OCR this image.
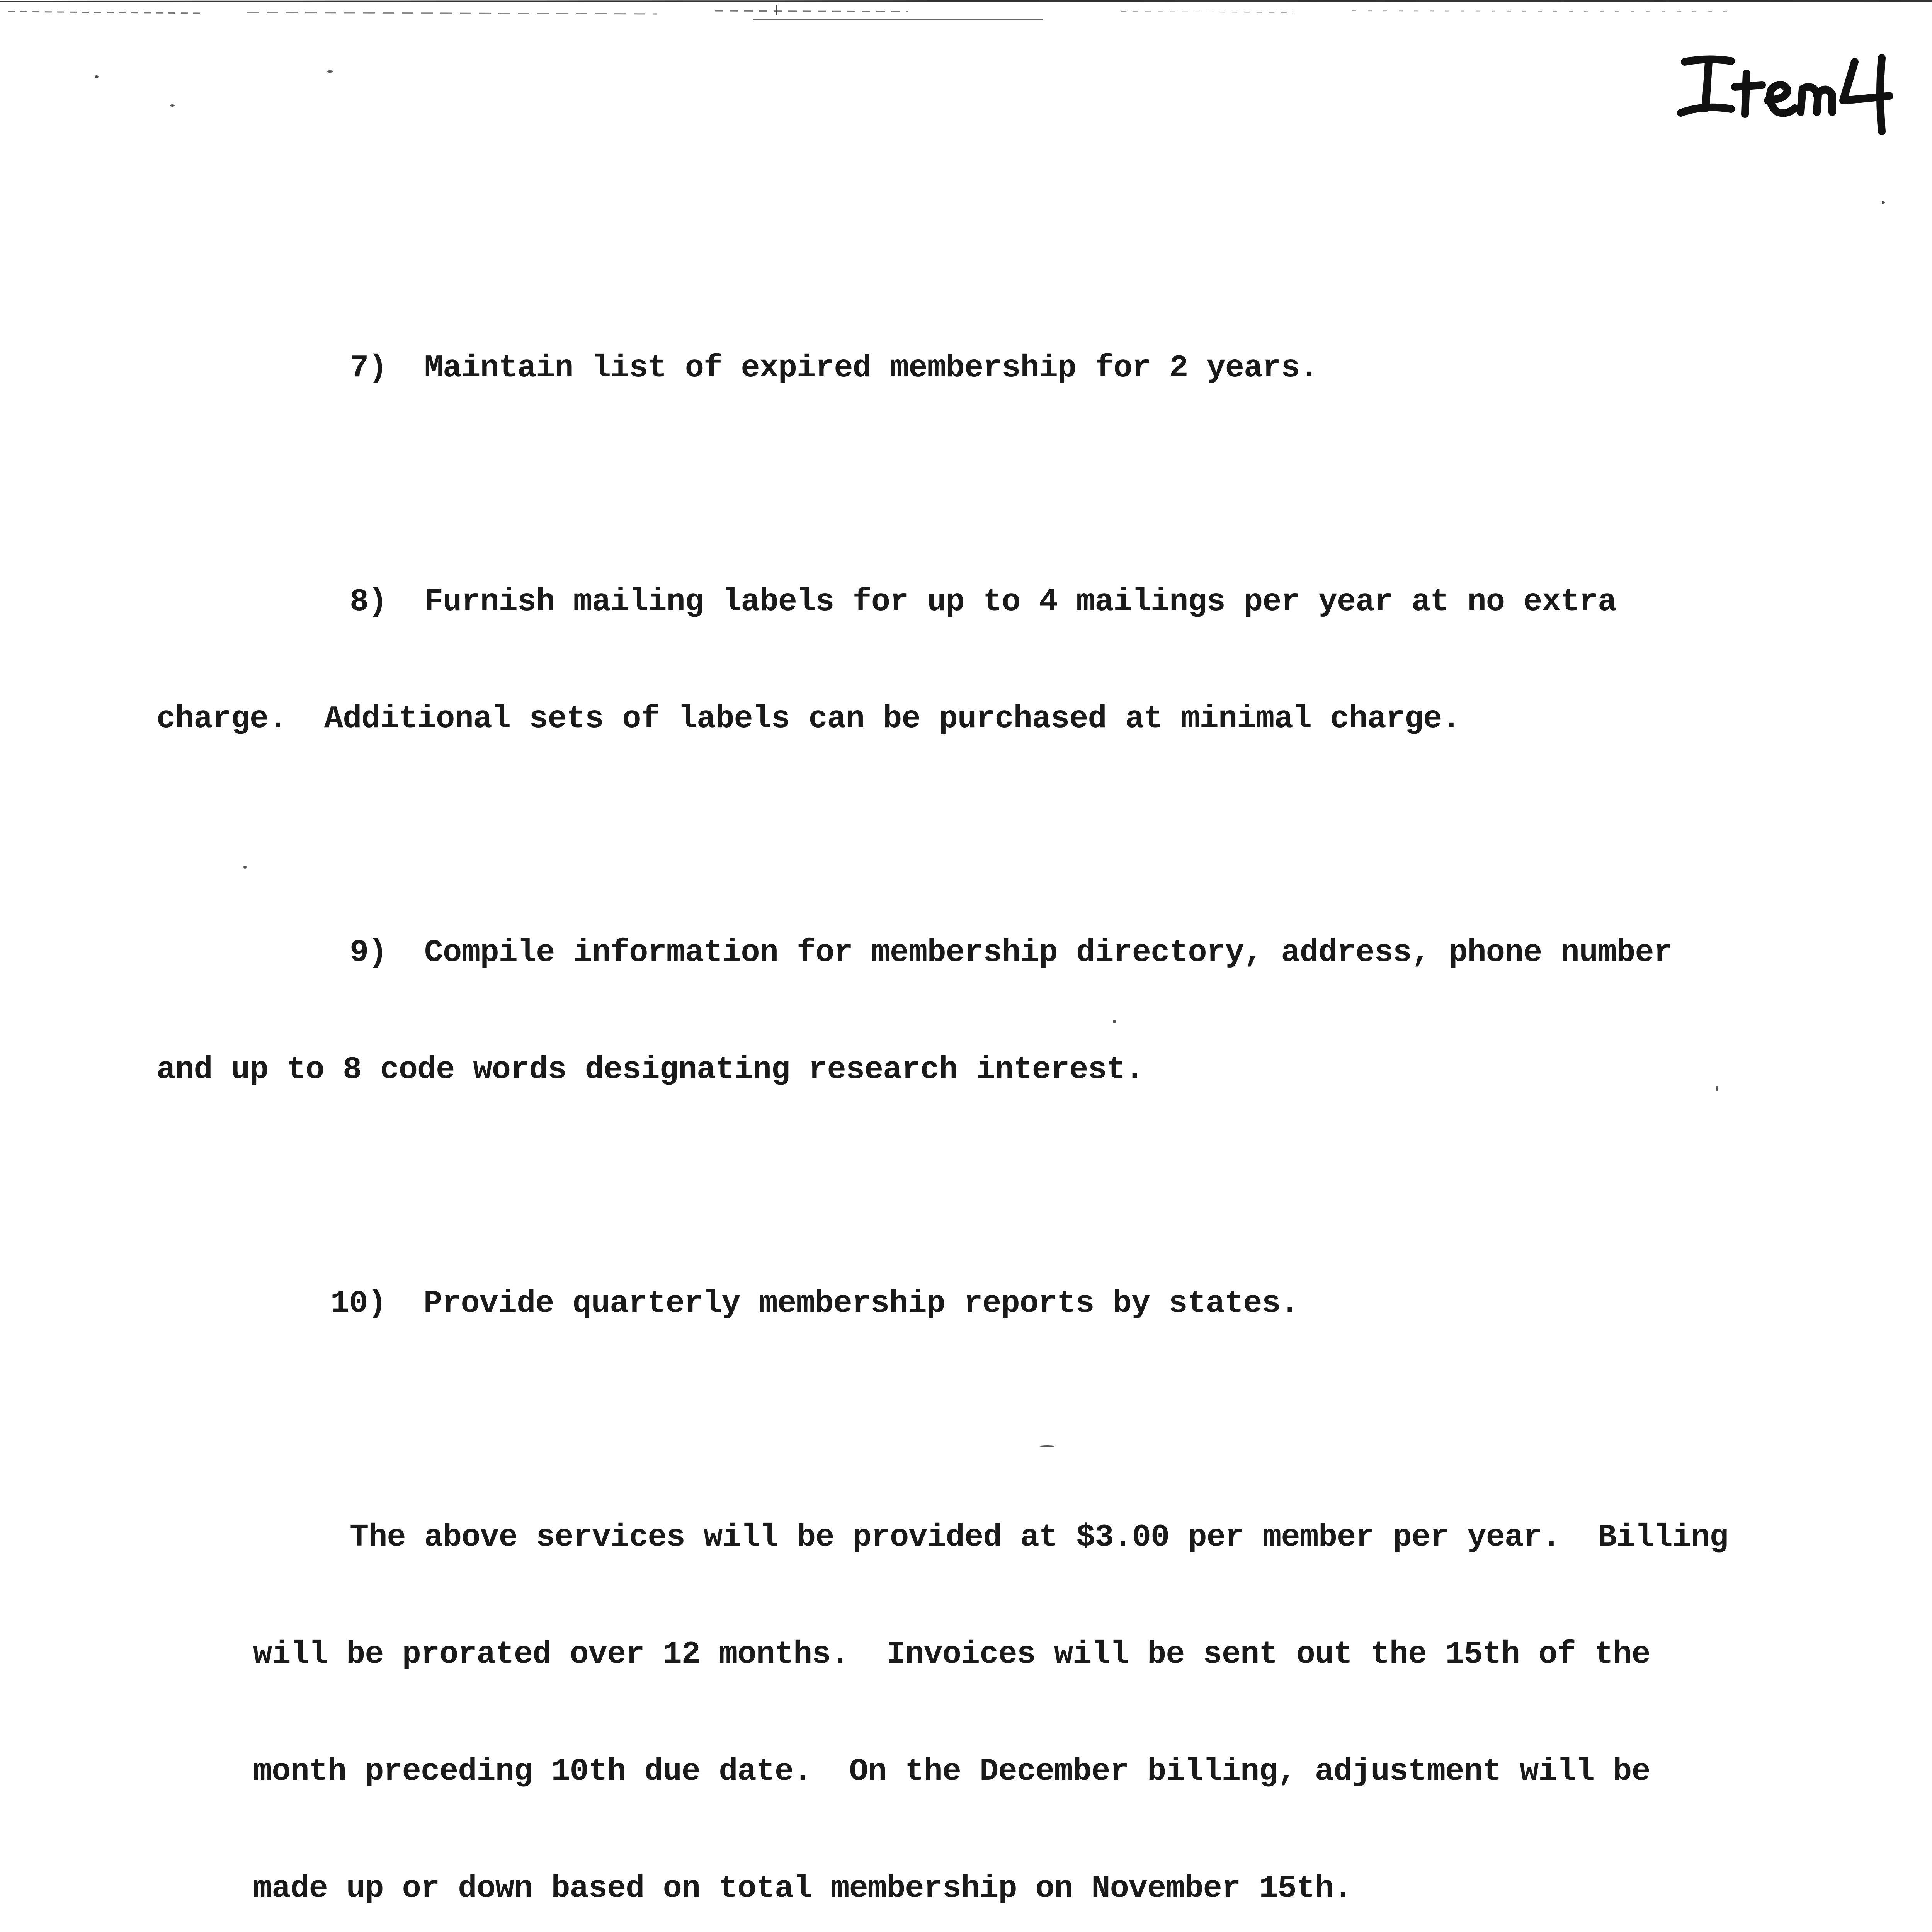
7) Maintain list of expired membership for 2 years.

8) Furnish mailing labels for up to 4 mailings per year at no extra

charge.  Additional sets of labels can be purchased at minimal charge.

9) Compile information for membership directory, address, phone number

and up to 8 code words designating research interest.

10) Provide quarterly membership reports by states.

The above services will be provided at $3.00 per member per year.  Billing

will be prorated over 12 months.  Invoices will be sent out the 15th of the

month preceding 10th due date.  On the December billing, adjustment will be

made up or down based on total membership on November 15th.
